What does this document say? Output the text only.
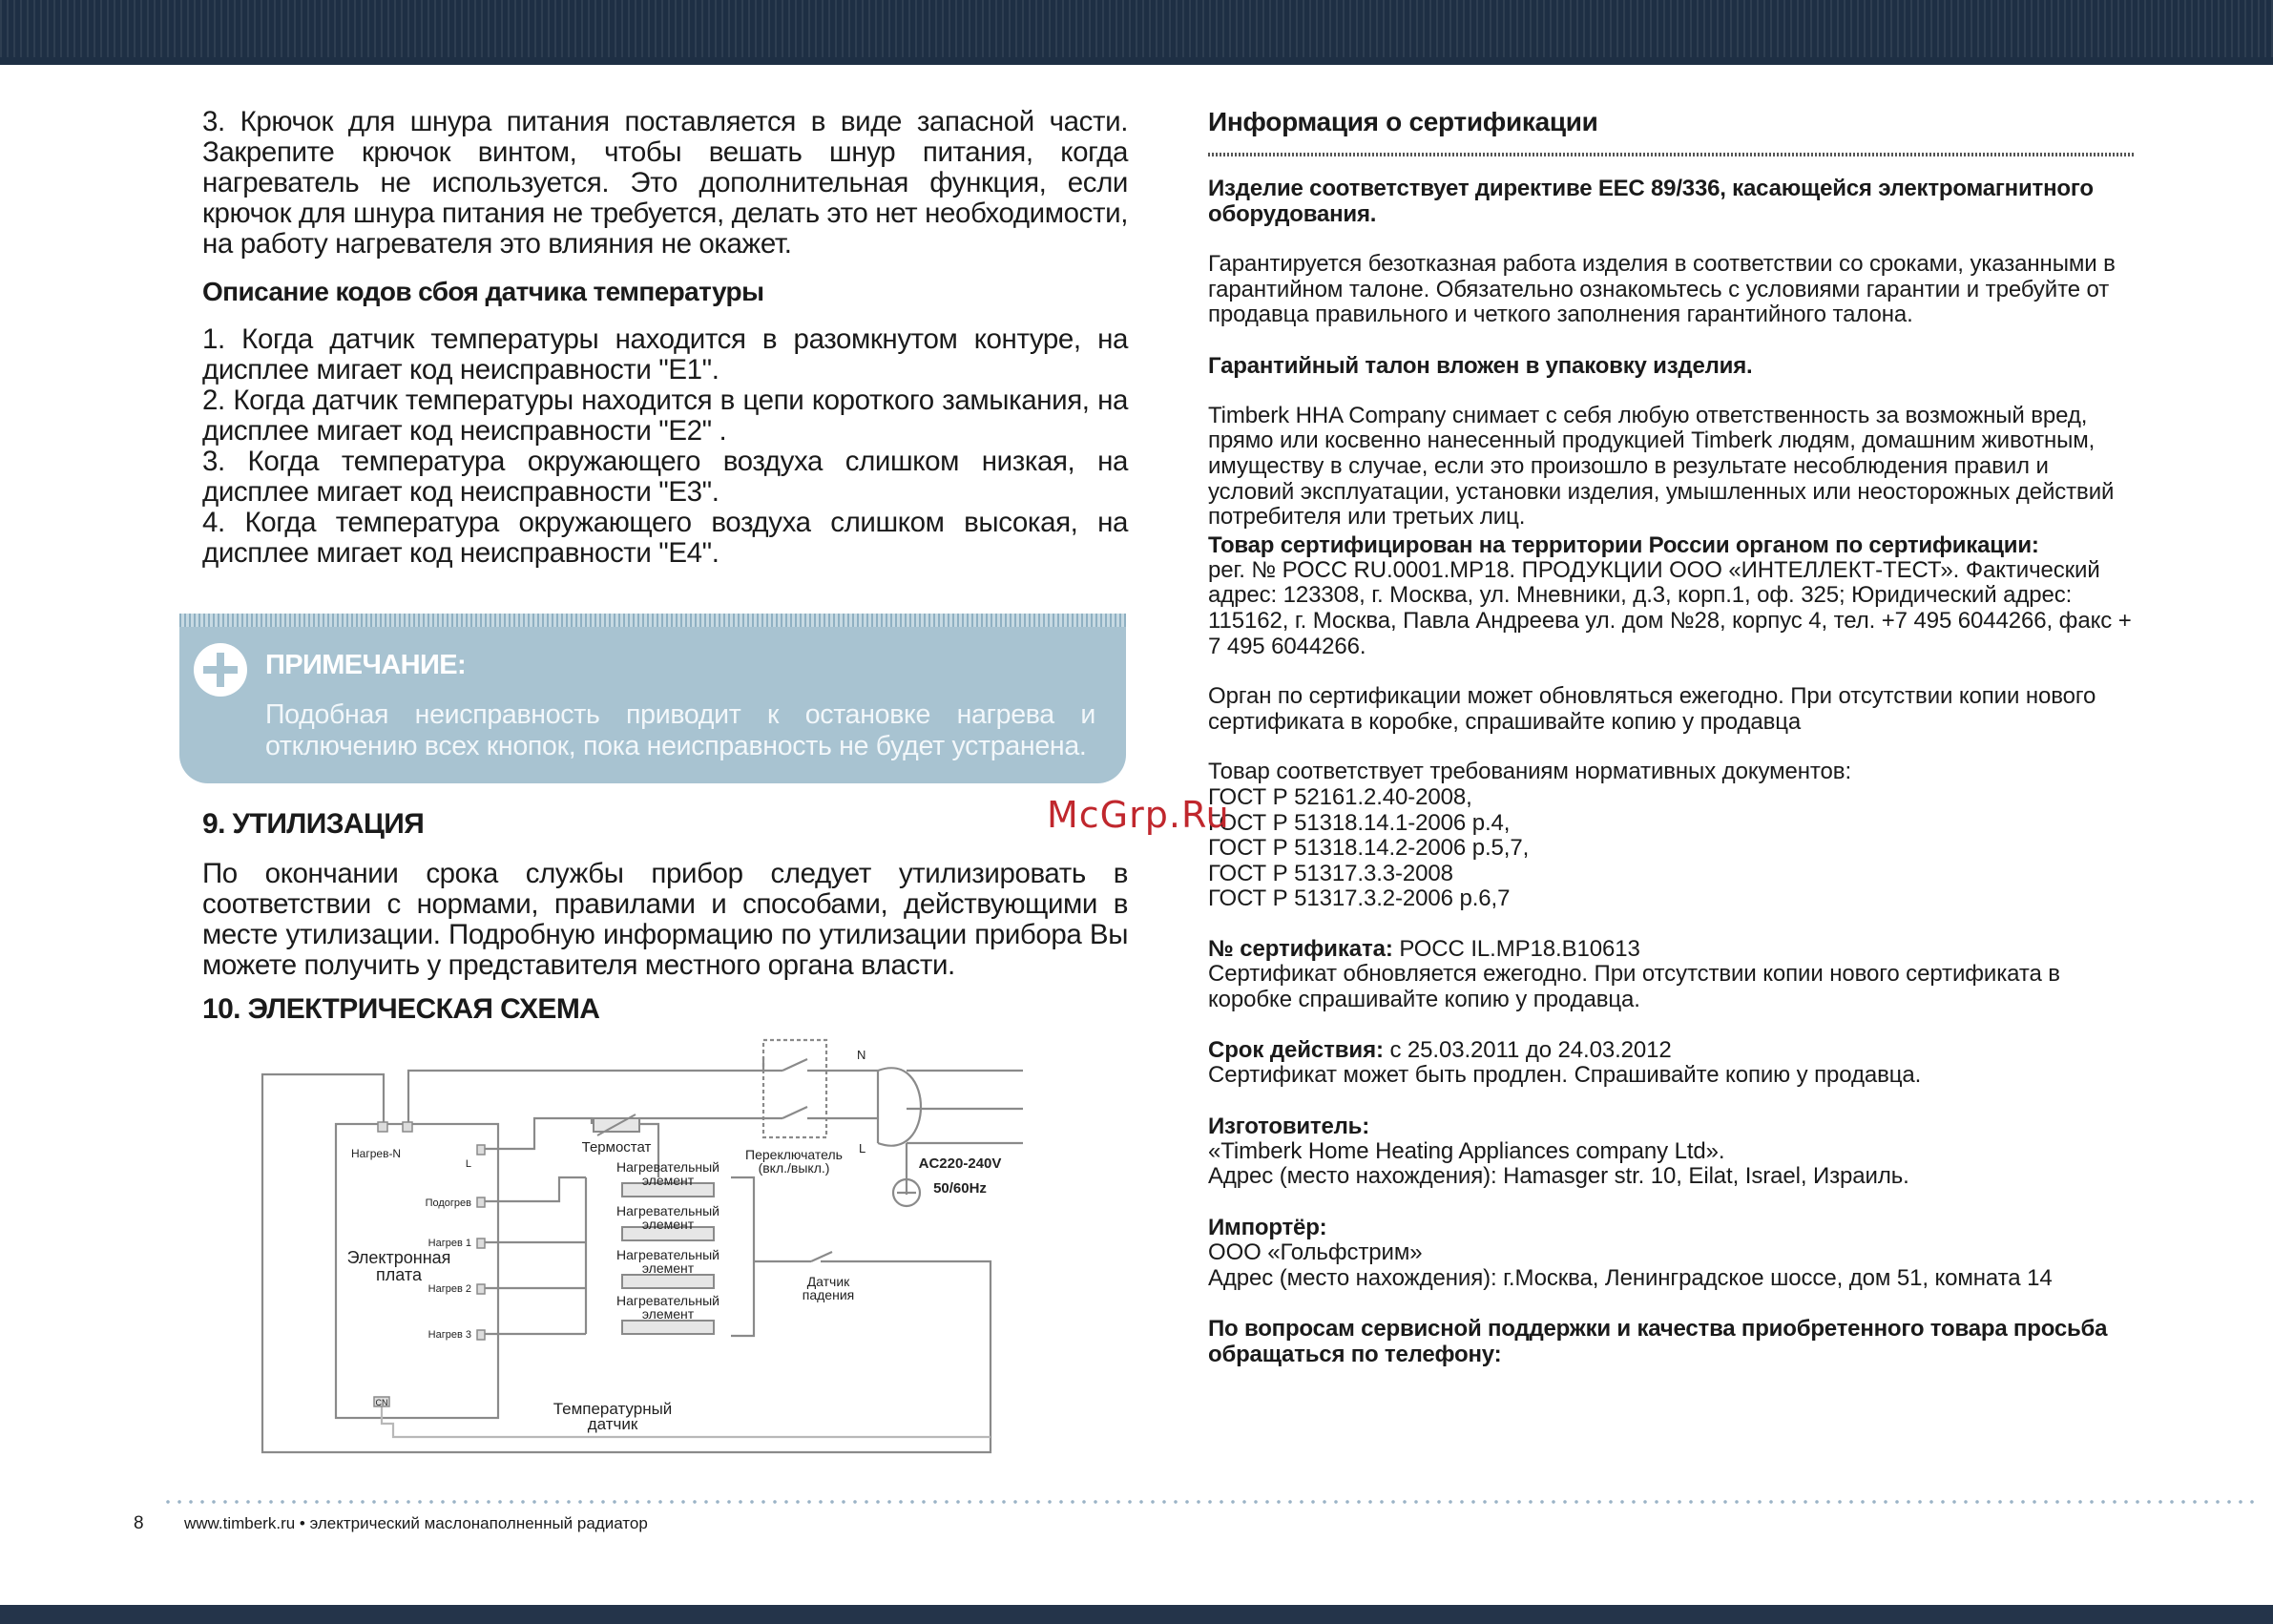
3. Крючок для шнура питания поставляется в виде запасной части. Закрепите крючок винтом, чтобы вешать шнур питания, когда нагреватель не используется. Это дополнительная функция, если крючок для шнура питания не требуется, делать это нет необходимости, на работу нагревателя это влияния не окажет.

Описание кодов сбоя датчика температуры

1. Когда датчик температуры находится в разомкнутом контуре, на дисплее мигает код неисправности "E1".

2. Когда датчик температуры находится в цепи короткого замыкания, на дисплее мигает код неисправности "E2" .

3. Когда температура окружающего воздуха слишком низкая, на дисплее мигает код неисправности "E3".

4. Когда температура окружающего воздуха слишком высокая, на дисплее мигает код неисправности "E4".

ПРИМЕЧАНИЕ:

Подобная неисправность приводит к остановке нагрева и отключению всех кнопок, пока неисправность не будет устранена.

9. УТИЛИЗАЦИЯ

По окончании срока службы прибор следует утилизировать в соответствии с нормами, правилами и способами, действующими в месте утилизации. Подробную информацию по утилизации прибора Вы можете получить у представителя местного органа власти.

10. ЭЛЕКТРИЧЕСКАЯ СХЕМА

Нагрев-N
L
Подогрев
Нагрев 1
Нагрев 2
Нагрев 3
Электронная
плата
Термостат
Нагревательный
элемент
Нагревательный
элемент
Нагревательный
элемент
Нагревательный
элемент
Переключатель
(вкл./выкл.)
N
L
AC220-240V
50/60Hz
Датчик
падения
Температурный
датчик
CN

Информация о сертификации

Изделие соответствует директиве EEC 89/336, касающейся электромагнитного оборудования.

Гарантируется безотказная работа изделия в соответствии со сроками, указанными в гарантийном талоне. Обязательно ознакомьтесь с условиями гарантии и требуйте от продавца правильного и четкого заполнения гарантийного талона.

Гарантийный талон вложен в упаковку изделия.

Timberk HHA Company снимает с себя любую ответственность за возможный вред, прямо или косвенно нанесенный продукцией Timberk людям, домашним животным, имуществу в случае, если это произошло в результате несоблюдения правил и условий эксплуатации, установки изделия, умышленных или неосторожных действий потребителя или третьих лиц.

Товар сертифицирован на территории России органом по сертификации:

рег. № РОСС RU.0001.МР18. ПРОДУКЦИИ ООО «ИНТЕЛЛЕКТ-ТЕСТ». Фактический адрес: 123308, г. Москва, ул. Мневники, д.3, корп.1, оф. 325; Юридический адрес: 115162, г. Москва, Павла Андреева ул. дом №28, корпус 4, тел. +7 495 6044266, факс + 7 495 6044266.

Орган по сертификации может обновляться ежегодно. При отсутствии копии нового сертификата в коробке, спрашивайте копию у продавца

Товар соответствует требованиям нормативных документов:

ГОСТ Р 52161.2.40-2008,

ГОСТ Р 51318.14.1-2006 р.4,

ГОСТ Р 51318.14.2-2006 р.5,7,

ГОСТ Р 51317.3.3-2008

ГОСТ Р 51317.3.2-2006 р.6,7

№ сертификата: РОСС IL.МР18.В10613

Сертификат обновляется ежегодно. При отсутствии копии нового сертификата в коробке спрашивайте копию у продавца.

Срок действия: с 25.03.2011 до 24.03.2012

Сертификат может быть продлен. Спрашивайте копию у продавца.

Изготовитель:

«Timberk Home Heating Appliances company Ltd».

Адрес (место нахождения): Hamasger str. 10, Eilat, Israel, Израиль.

Импортёр:

ООО «Гольфстрим»

Адрес (место нахождения): г.Москва, Ленинградское шоссе, дом 51, комната 14

По вопросам сервисной поддержки и качества приобретенного товара просьба обращаться по телефону:

McGrp.Ru
8 www.timberk.ru • электрический маслонаполненный радиатор
